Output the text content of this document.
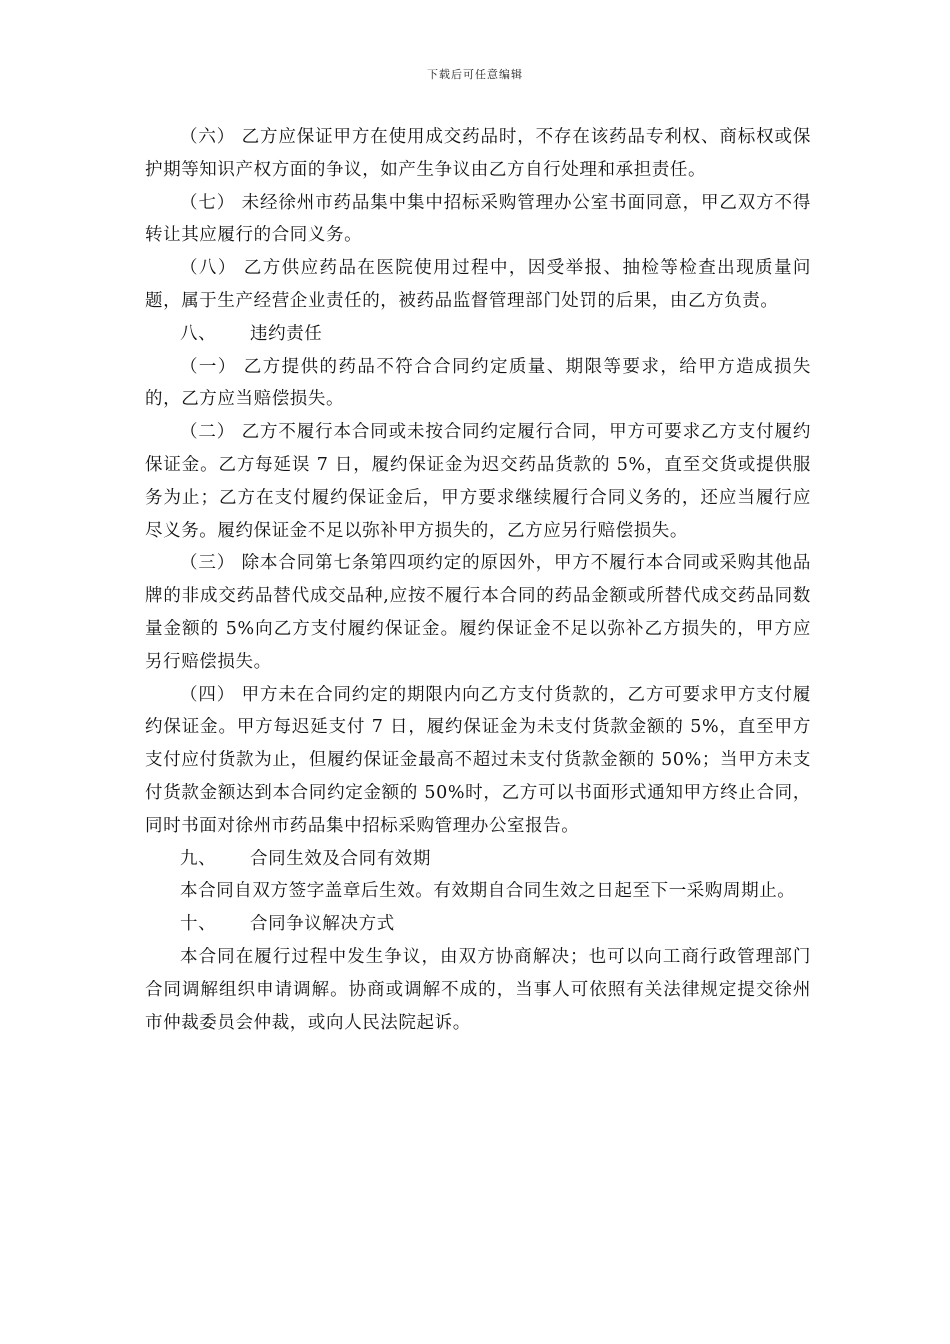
下载后可任意编辑

（六） 乙方应保证甲方在使用成交药品时，不存在该药品专利权、商标权或保护期等知识产权方面的争议，如产生争议由乙方自行处理和承担责任。

（七） 未经徐州市药品集中集中招标采购管理办公室书面同意，甲乙双方不得转让其应履行的合同义务。

（八） 乙方供应药品在医院使用过程中，因受举报、抽检等检查出现质量问题，属于生产经营企业责任的，被药品监督管理部门处罚的后果，由乙方负责。

八、 违约责任

（一） 乙方提供的药品不符合合同约定质量、期限等要求，给甲方造成损失的，乙方应当赔偿损失。

（二） 乙方不履行本合同或未按合同约定履行合同，甲方可要求乙方支付履约保证金。乙方每延误 7 日，履约保证金为迟交药品货款的 5%，直至交货或提供服务为止；乙方在支付履约保证金后，甲方要求继续履行合同义务的，还应当履行应尽义务。履约保证金不足以弥补甲方损失的，乙方应另行赔偿损失。

（三） 除本合同第七条第四项约定的原因外，甲方不履行本合同或采购其他品牌的非成交药品替代成交品种,应按不履行本合同的药品金额或所替代成交药品同数量金额的 5%向乙方支付履约保证金。履约保证金不足以弥补乙方损失的，甲方应另行赔偿损失。

（四） 甲方未在合同约定的期限内向乙方支付货款的，乙方可要求甲方支付履约保证金。甲方每迟延支付 7 日，履约保证金为未支付货款金额的 5%，直至甲方支付应付货款为止，但履约保证金最高不超过未支付货款金额的 50%；当甲方未支付货款金额达到本合同约定金额的 50%时，乙方可以书面形式通知甲方终止合同，同时书面对徐州市药品集中招标采购管理办公室报告。

九、 合同生效及合同有效期

本合同自双方签字盖章后生效。有效期自合同生效之日起至下一采购周期止。

十、 合同争议解决方式

本合同在履行过程中发生争议，由双方协商解决；也可以向工商行政管理部门合同调解组织申请调解。协商或调解不成的，当事人可依照有关法律规定提交徐州市仲裁委员会仲裁，或向人民法院起诉。
